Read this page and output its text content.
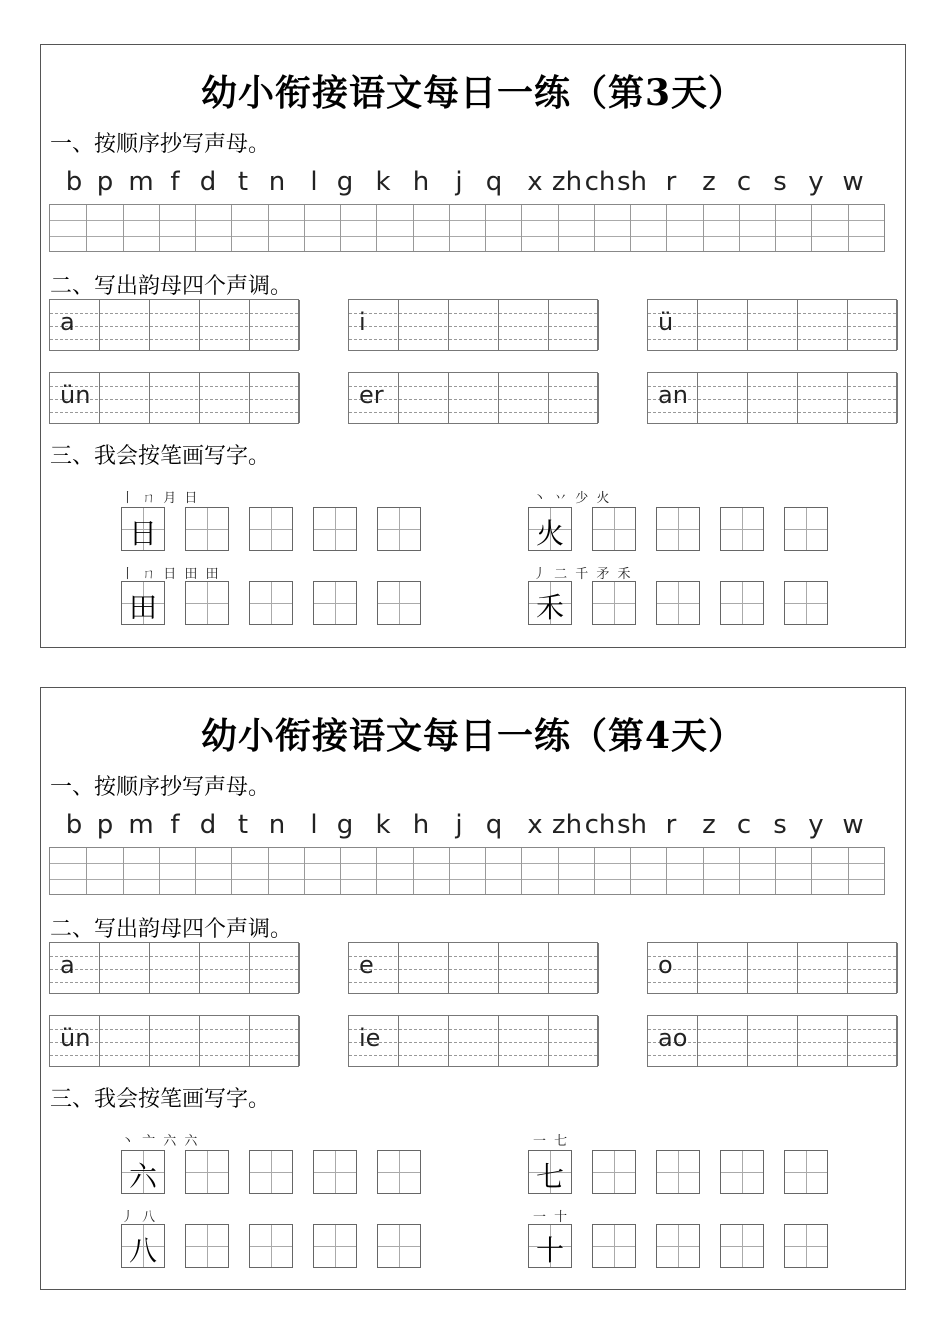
幼小衔接语文每日一练（第3天）
一、按顺序抄写声母。
二、写出韵母四个声调。
三、我会按笔画写字。
b p m f d t n l g k h	j q x zh ch sh r z c s y w
a	i	ü
ün	er	an
丨 ㄇ 月 日
日
丶 丷 少 火
火
丨 ㄇ 日 田 田
田
丿 二 千 矛 禾
禾
幼小衔接语文每日一练（第4天）
一、按顺序抄写声母。
二、写出韵母四个声调。
三、我会按笔画写字。
b p m f d t n l g k h	j q x zh ch sh r z c s y w
a	e	o
ün	ie	ao
丶 亠 六 六
六
一 七
七
丿 八
八
一 十
十
